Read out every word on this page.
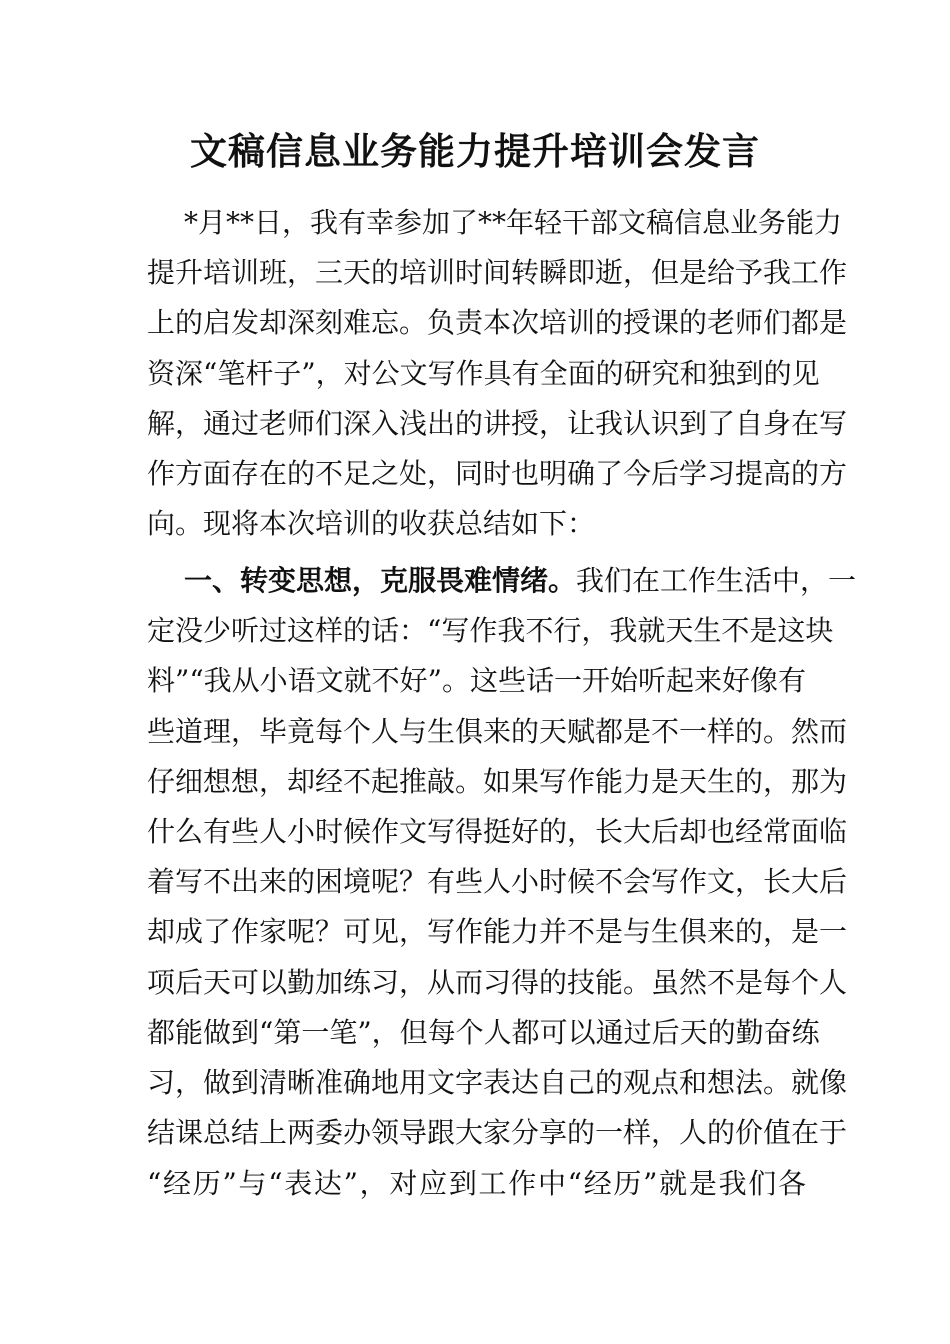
文稿信息业务能力提升培训会发言
*月**日，我有幸参加了**年轻干部文稿信息业务能力
提升培训班，三天的培训时间转瞬即逝，但是给予我工作
上的启发却深刻难忘。负责本次培训的授课的老师们都是
资深“笔杆子”，对公文写作具有全面的研究和独到的见
解，通过老师们深入浅出的讲授，让我认识到了自身在写
作方面存在的不足之处，同时也明确了今后学习提高的方
向。现将本次培训的收获总结如下：
一、转变思想，克服畏难情绪。我们在工作生活中，一
定没少听过这样的话：“写作我不行，我就天生不是这块
料”“我从小语文就不好”。这些话一开始听起来好像有
些道理，毕竟每个人与生俱来的天赋都是不一样的。然而
仔细想想，却经不起推敲。如果写作能力是天生的，那为
什么有些人小时候作文写得挺好的，长大后却也经常面临
着写不出来的困境呢？有些人小时候不会写作文，长大后
却成了作家呢？可见，写作能力并不是与生俱来的，是一
项后天可以勤加练习，从而习得的技能。虽然不是每个人
都能做到“第一笔”，但每个人都可以通过后天的勤奋练
习，做到清晰准确地用文字表达自己的观点和想法。就像
结课总结上两委办领导跟大家分享的一样，人的价值在于
“经历”与“表达”，对应到工作中“经历”就是我们各
